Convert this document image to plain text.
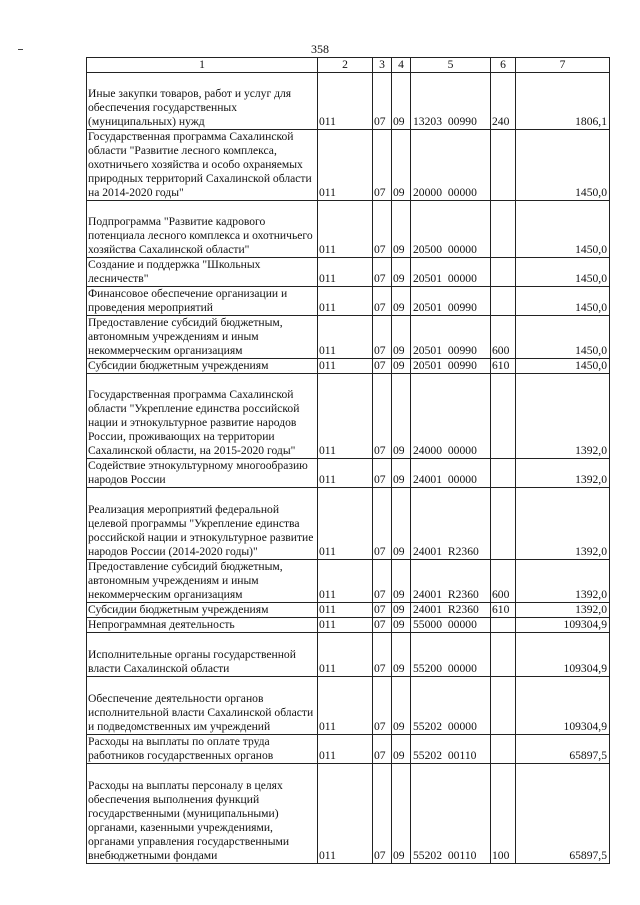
358
1	2	3	4	5	6	7
Иные закупки товаров, работ и услуг для обеспечения государственных (муниципальных) нужд	011	07	09	13203 00990	240	1806,1
Государственная программа Сахалинской области "Развитие лесного комплекса, охотничьего хозяйства и особо охраняемых природных территорий Сахалинской области на 2014-2020 годы"	011	07	09	20000 00000		1450,0
Подпрограмма "Развитие кадрового потенциала лесного комплекса и охотничьего хозяйства Сахалинской области"	011	07	09	20500 00000		1450,0
Создание и поддержка "Школьных лесничеств"	011	07	09	20501 00000		1450,0
Финансовое обеспечение организации и проведения мероприятий	011	07	09	20501 00990		1450,0
Предоставление субсидий бюджетным, автономным учреждениям и иным некоммерческим организациям	011	07	09	20501 00990	600	1450,0
Субсидии бюджетным учреждениям	011	07	09	20501 00990	610	1450,0
Государственная программа Сахалинской области "Укрепление единства российской нации и этнокультурное развитие народов России, проживающих на территории Сахалинской области, на 2015-2020 годы"	011	07	09	24000 00000		1392,0
Содействие этнокультурному многообразию народов России	011	07	09	24001 00000		1392,0
Реализация мероприятий федеральной целевой программы "Укрепление единства российской нации и этнокультурное развитие народов России (2014-2020 годы)"	011	07	09	24001 R2360		1392,0
Предоставление субсидий бюджетным, автономным учреждениям и иным некоммерческим организациям	011	07	09	24001 R2360	600	1392,0
Субсидии бюджетным учреждениям	011	07	09	24001 R2360	610	1392,0
Непрограммная деятельность	011	07	09	55000 00000		109304,9
Исполнительные органы государственной власти Сахалинской области	011	07	09	55200 00000		109304,9
Обеспечение деятельности органов исполнительной власти Сахалинской области и подведомственных им учреждений	011	07	09	55202 00000		109304,9
Расходы на выплаты по оплате труда работников государственных органов	011	07	09	55202 00110		65897,5
Расходы на выплаты персоналу в целях обеспечения выполнения функций государственными (муниципальными) органами, казенными учреждениями, органами управления государственными внебюджетными фондами	011	07	09	55202 00110	100	65897,5
